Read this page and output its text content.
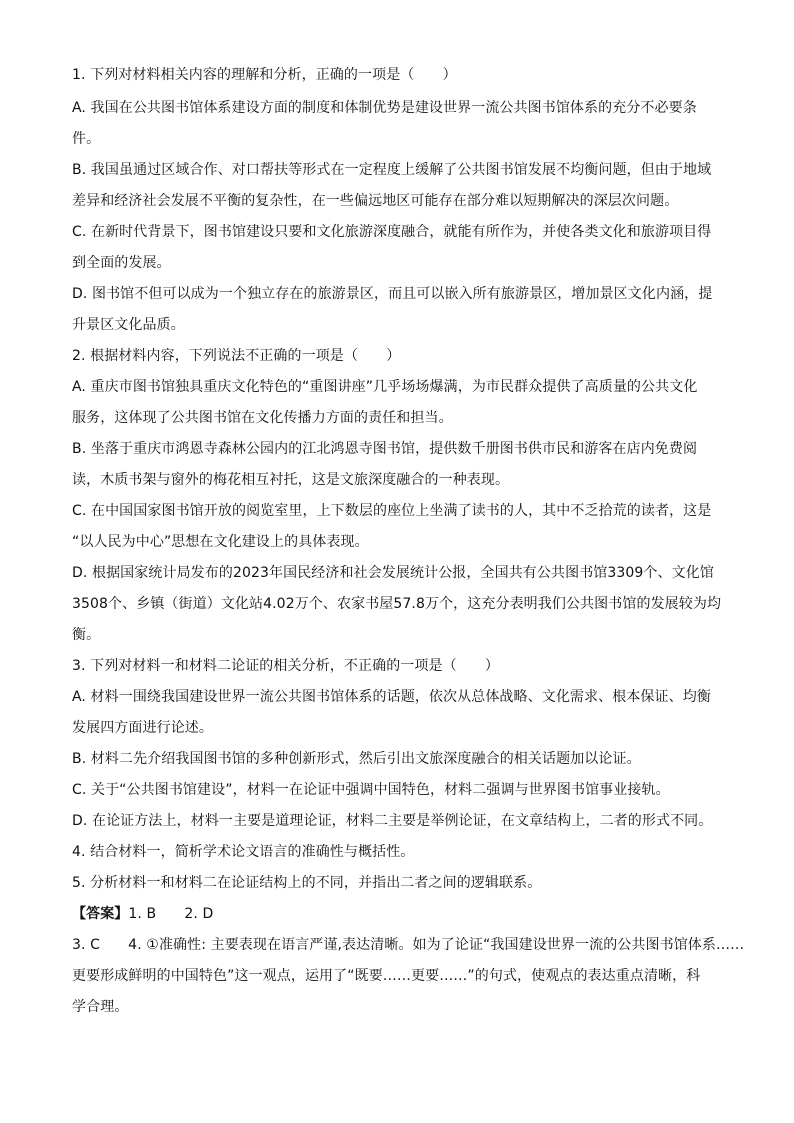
1. 下列对材料相关内容的理解和分析，正确的一项是（　　）
A. 我国在公共图书馆体系建设方面的制度和体制优势是建设世界一流公共图书馆体系的充分不必要条
件。
B. 我国虽通过区域合作、对口帮扶等形式在一定程度上缓解了公共图书馆发展不均衡问题，但由于地域
差异和经济社会发展不平衡的复杂性，在一些偏远地区可能存在部分难以短期解决的深层次问题。
C. 在新时代背景下，图书馆建设只要和文化旅游深度融合，就能有所作为，并使各类文化和旅游项目得
到全面的发展。
D. 图书馆不但可以成为一个独立存在的旅游景区，而且可以嵌入所有旅游景区，增加景区文化内涵，提
升景区文化品质。
2. 根据材料内容，下列说法不正确的一项是（　　）
A. 重庆市图书馆独具重庆文化特色的“重图讲座”几乎场场爆满，为市民群众提供了高质量的公共文化
服务，这体现了公共图书馆在文化传播力方面的责任和担当。
B. 坐落于重庆市鸿恩寺森林公园内的江北鸿恩寺图书馆，提供数千册图书供市民和游客在店内免费阅
读，木质书架与窗外的梅花相互衬托，这是文旅深度融合的一种表现。
C. 在中国国家图书馆开放的阅览室里，上下数层的座位上坐满了读书的人，其中不乏拾荒的读者，这是
“以人民为中心”思想在文化建设上的具体表现。
D. 根据国家统计局发布的2023年国民经济和社会发展统计公报，全国共有公共图书馆3309个、文化馆
3508个、乡镇（街道）文化站4.02万个、农家书屋57.8万个，这充分表明我们公共图书馆的发展较为均
衡。
3. 下列对材料一和材料二论证的相关分析，不正确的一项是（　　）
A. 材料一围绕我国建设世界一流公共图书馆体系的话题，依次从总体战略、文化需求、根本保证、均衡
发展四方面进行论述。
B. 材料二先介绍我国图书馆的多种创新形式，然后引出文旅深度融合的相关话题加以论证。
C. 关于“公共图书馆建设”，材料一在论证中强调中国特色，材料二强调与世界图书馆事业接轨。
D. 在论证方法上，材料一主要是道理论证，材料二主要是举例论证，在文章结构上，二者的形式不同。
4. 结合材料一，简析学术论文语言的准确性与概括性。
5. 分析材料一和材料二在论证结构上的不同，并指出二者之间的逻辑联系。
【答案】1. B　　2. D
3. C　　4. ①准确性: 主要表现在语言严谨,表达清晰。如为了论证“我国建设世界一流的公共图书馆体系……
更要形成鲜明的中国特色”这一观点，运用了“既要……更要……”的句式，使观点的表达重点清晰，科
学合理。
